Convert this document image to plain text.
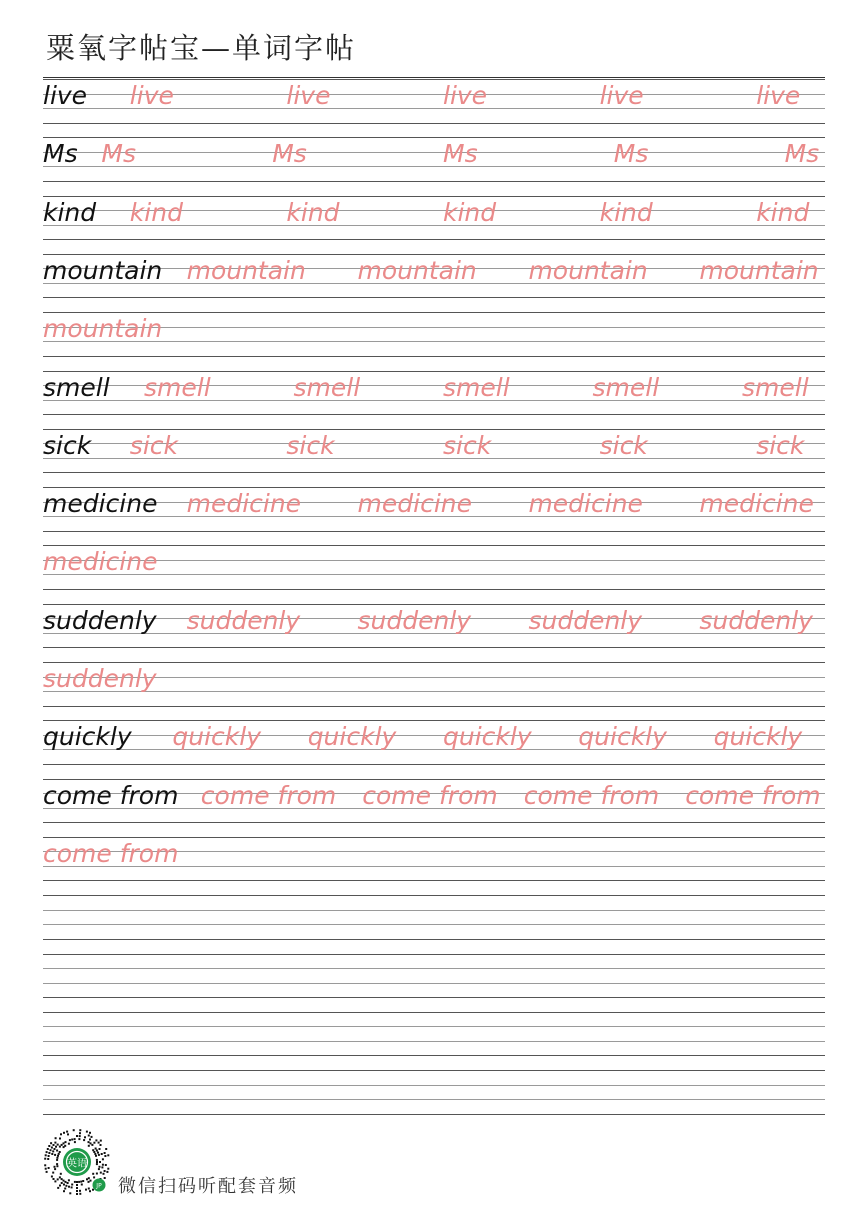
粟氧字帖宝—单词字帖
live live	live	live	live	live
Ms Ms	Ms	Ms	Ms	Ms
kind kind	kind	kind	kind	kind
mountain mountain mountain mountain mountain
mountain
smell smell	smell	smell	smell	smell
sick sick	sick	sick	sick	sick
medicine medicine medicine medicine medicine
medicine
suddenly suddenly suddenly suddenly suddenly
suddenly
quickly quickly quickly quickly quickly quickly
come from come from come from come from come from
come from
英语
JP 微信扫码听配套音频
